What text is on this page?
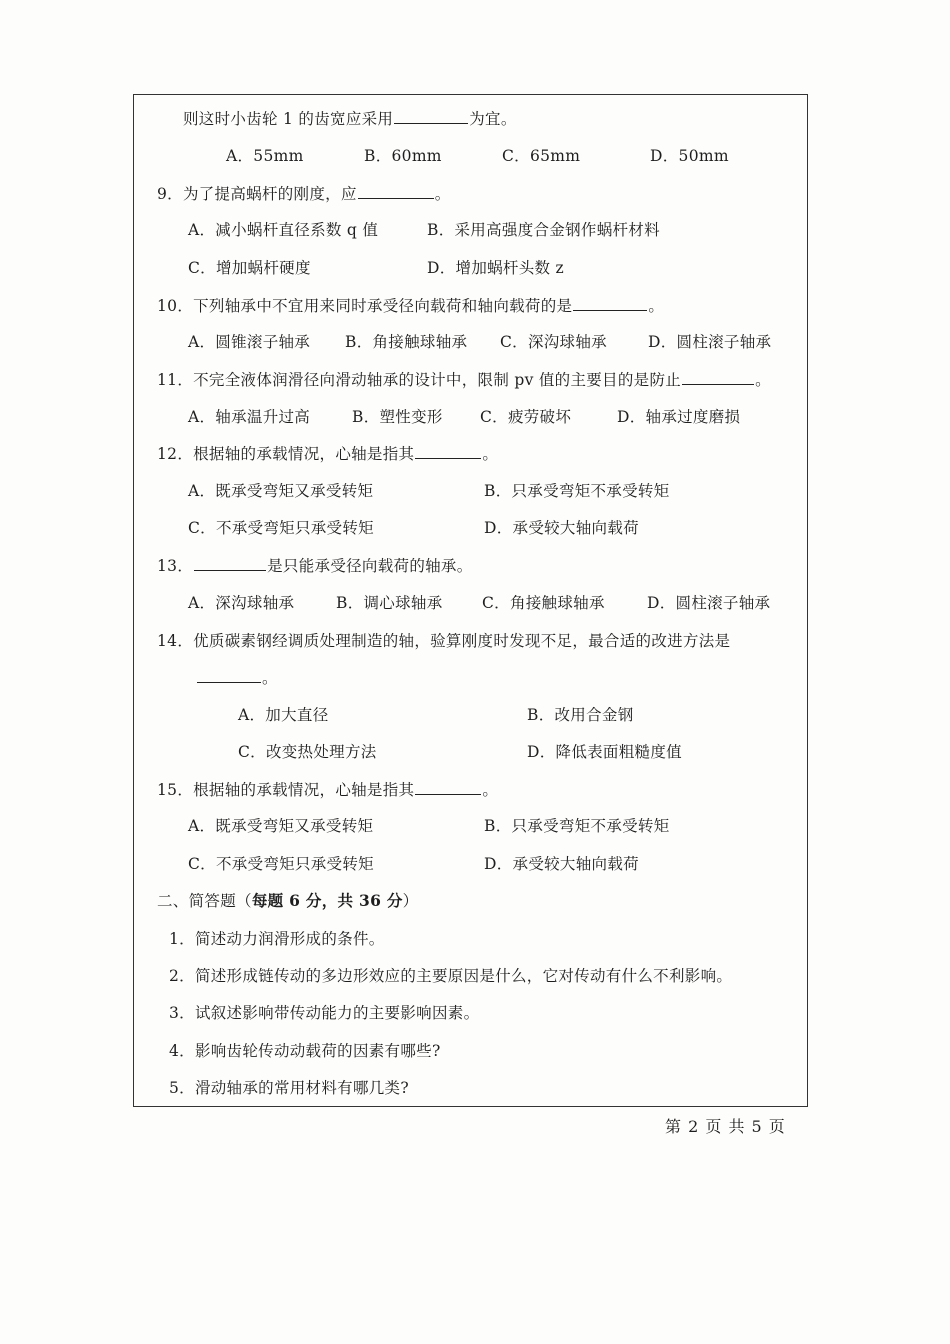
则这时小齿轮 1 的齿宽应采用	为宜。
A．55mm	B．60mm	C．65mm	D．50mm
9．为了提高蜗杆的刚度，应	。
A．减小蜗杆直径系数 q 值	B．采用高强度合金钢作蜗杆材料
C．增加蜗杆硬度	D．增加蜗杆头数 z
10．下列轴承中不宜用来同时承受径向载荷和轴向载荷的是	。
A．圆锥滚子轴承 B．角接触球轴承 C．深沟球轴承	D．圆柱滚子轴承
11．不完全液体润滑径向滑动轴承的设计中，限制 pv 值的主要目的是防止	。
A．轴承温升过高	B．塑性变形 C．疲劳破坏	D．轴承过度磨损
12．根据轴的承载情况，心轴是指其	。
A．既承受弯矩又承受转矩	B．只承受弯矩不承受转矩
C．不承受弯矩只承受转矩	D．承受较大轴向载荷
13．	是只能承受径向载荷的轴承。
A．深沟球轴承	B．调心球轴承	C．角接触球轴承	D．圆柱滚子轴承
14．优质碳素钢经调质处理制造的轴，验算刚度时发现不足，最合适的改进方法是
。
A．加大直径	B．改用合金钢
C．改变热处理方法	D．降低表面粗糙度值
15．根据轴的承载情况，心轴是指其	。
A．既承受弯矩又承受转矩	B．只承受弯矩不承受转矩
C．不承受弯矩只承受转矩	D．承受较大轴向载荷
二、简答题（每题 6 分，共 36 分）
1．简述动力润滑形成的条件。
2．简述形成链传动的多边形效应的主要原因是什么，它对传动有什么不利影响。
3．试叙述影响带传动能力的主要影响因素。
4．影响齿轮传动动载荷的因素有哪些?
5．滑动轴承的常用材料有哪几类?
第 2 页 共 5 页
